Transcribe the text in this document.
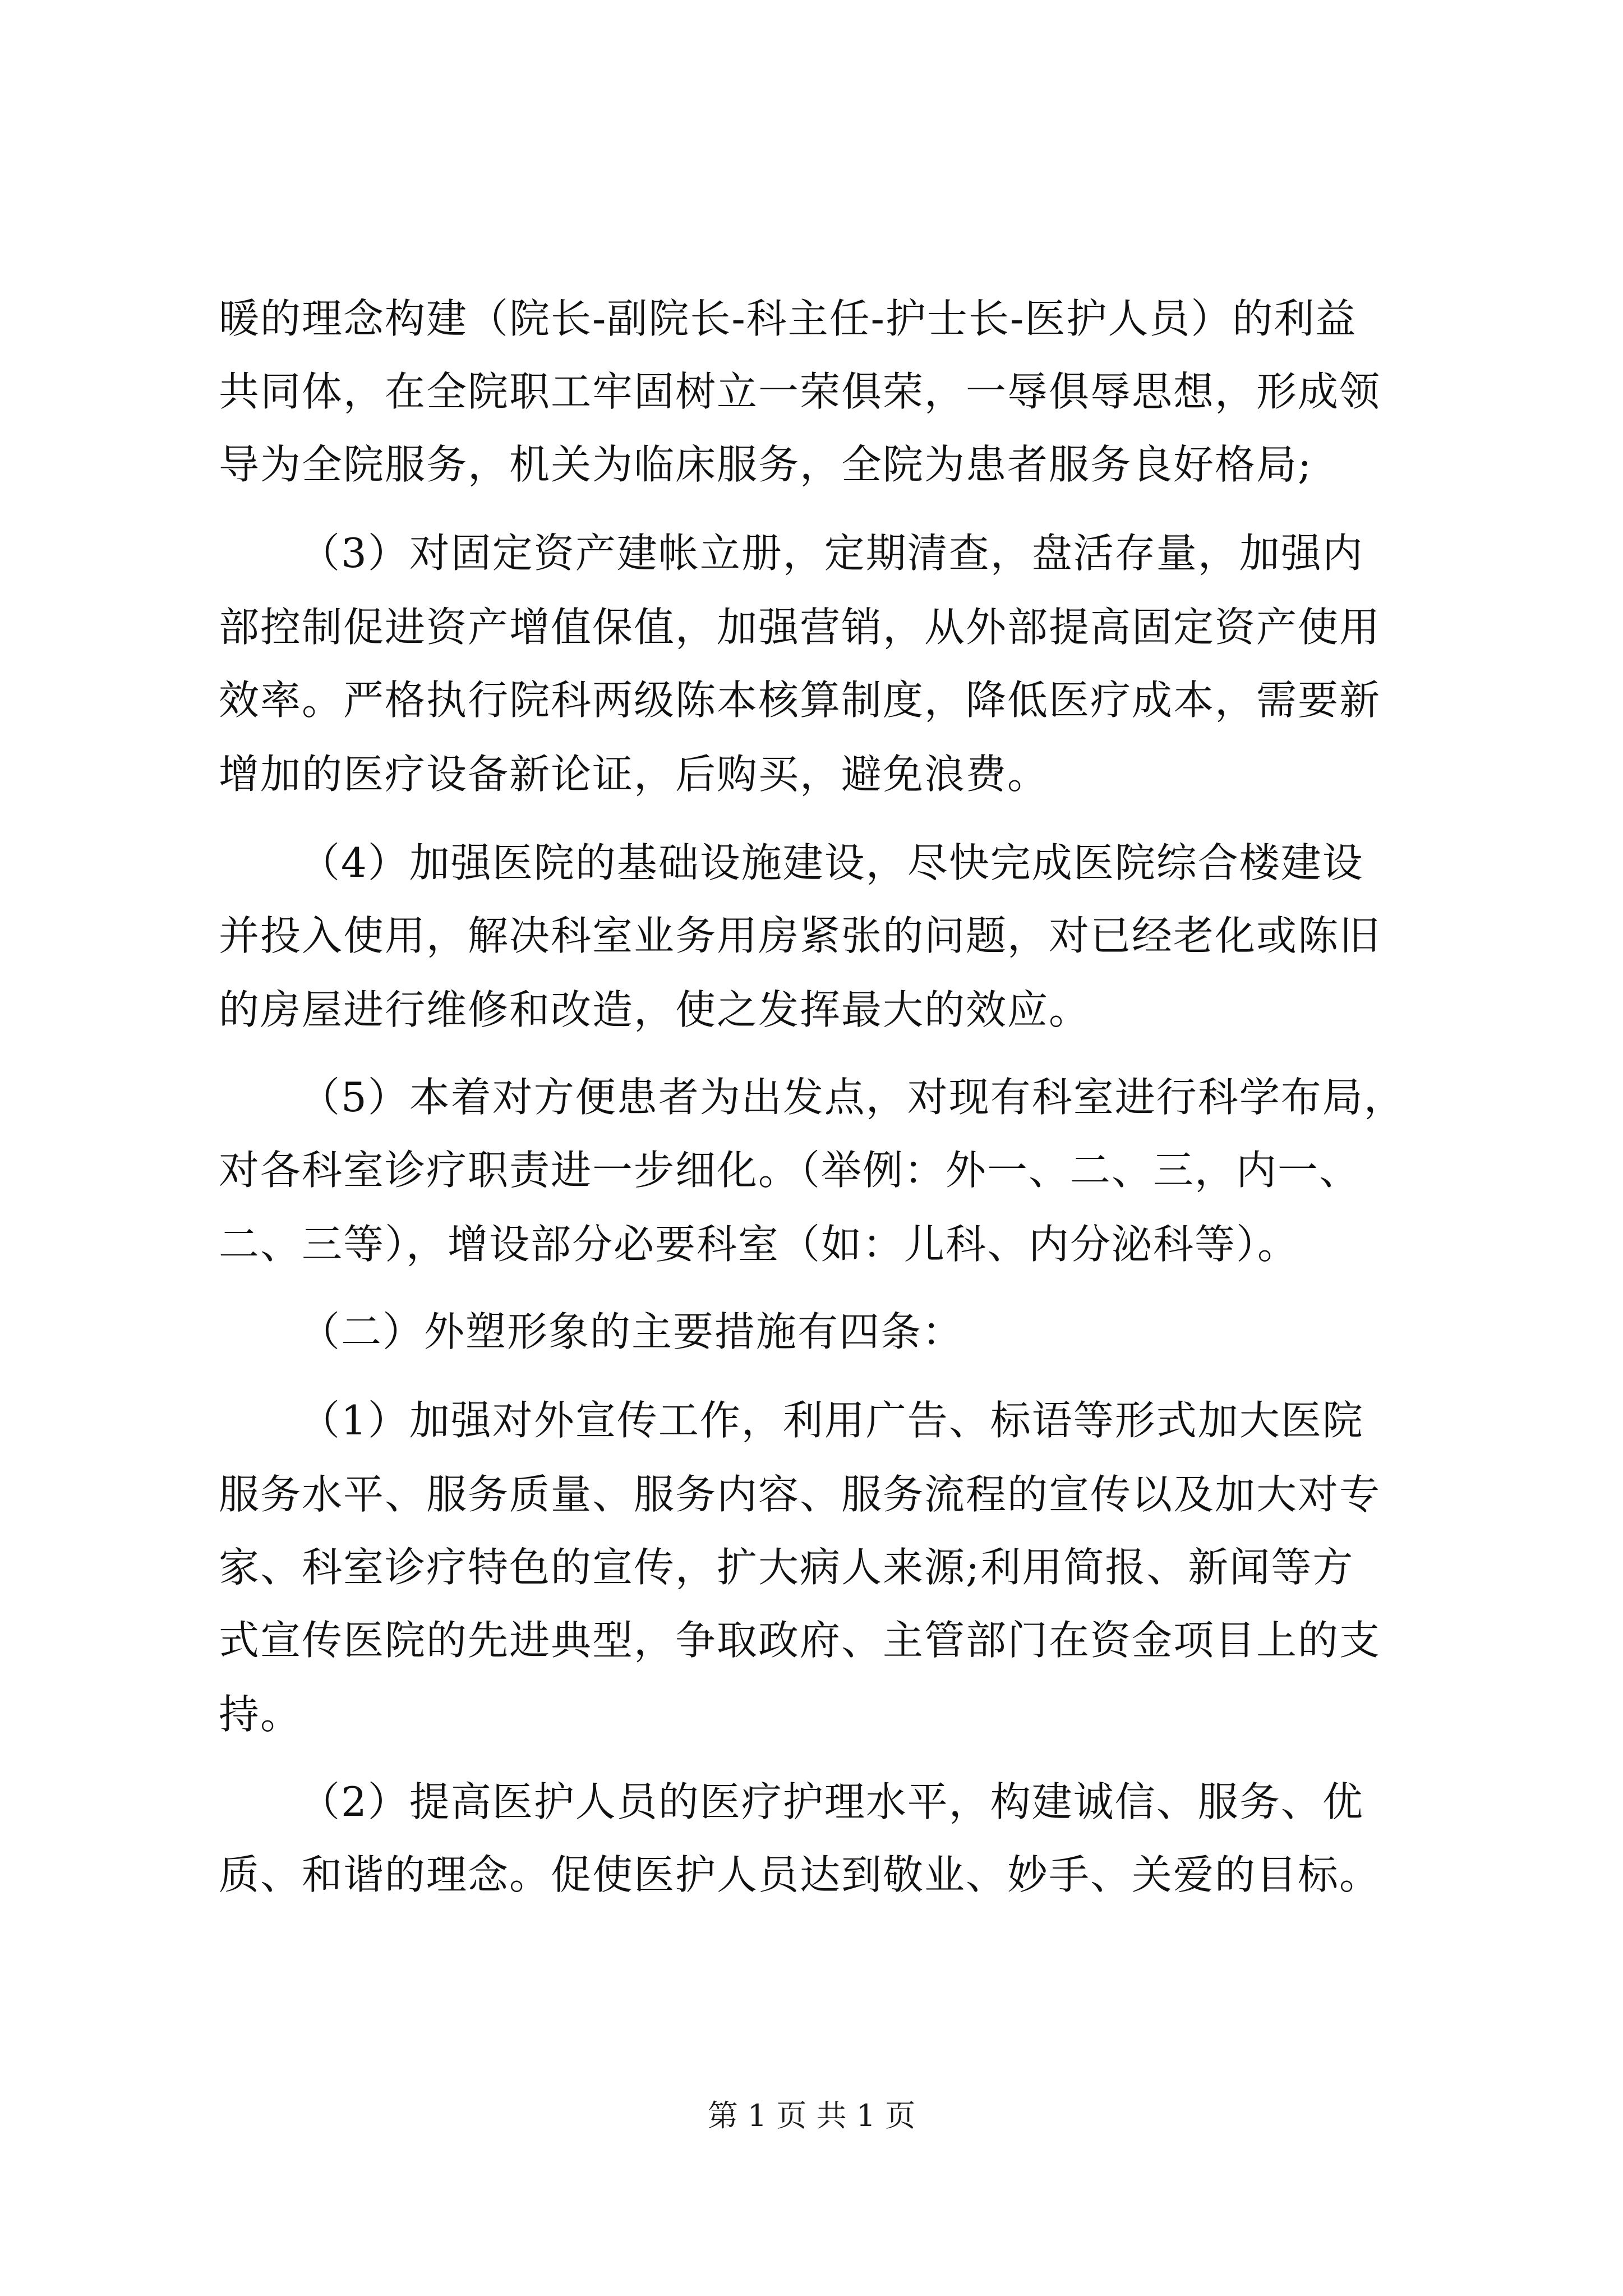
暖的理念构建（院长-副院长-科主任-护士长-医护人员）的利益
共同体，在全院职工牢固树立一荣俱荣，一辱俱辱思想，形成领
导为全院服务，机关为临床服务，全院为患者服务良好格局;
（3）对固定资产建帐立册，定期清查，盘活存量，加强内
部控制促进资产增值保值，加强营销，从外部提高固定资产使用
效率。严格执行院科两级陈本核算制度，降低医疗成本，需要新
增加的医疗设备新论证，后购买，避免浪费。
（4）加强医院的基础设施建设，尽快完成医院综合楼建设
并投入使用，解决科室业务用房紧张的问题，对已经老化或陈旧
的房屋进行维修和改造，使之发挥最大的效应。
（5）本着对方便患者为出发点，对现有科室进行科学布局，
对各科室诊疗职责进一步细化。（举例：外一、二、三，内一、
二、三等），增设部分必要科室（如：儿科、内分泌科等）。
（二）外塑形象的主要措施有四条：
（1）加强对外宣传工作，利用广告、标语等形式加大医院
服务水平、服务质量、服务内容、服务流程的宣传以及加大对专
家、科室诊疗特色的宣传，扩大病人来源;利用简报、新闻等方
式宣传医院的先进典型，争取政府、主管部门在资金项目上的支
持。
（2）提高医护人员的医疗护理水平，构建诚信、服务、优
质、和谐的理念。促使医护人员达到敬业、妙手、关爱的目标。
第 1 页 共 1 页
